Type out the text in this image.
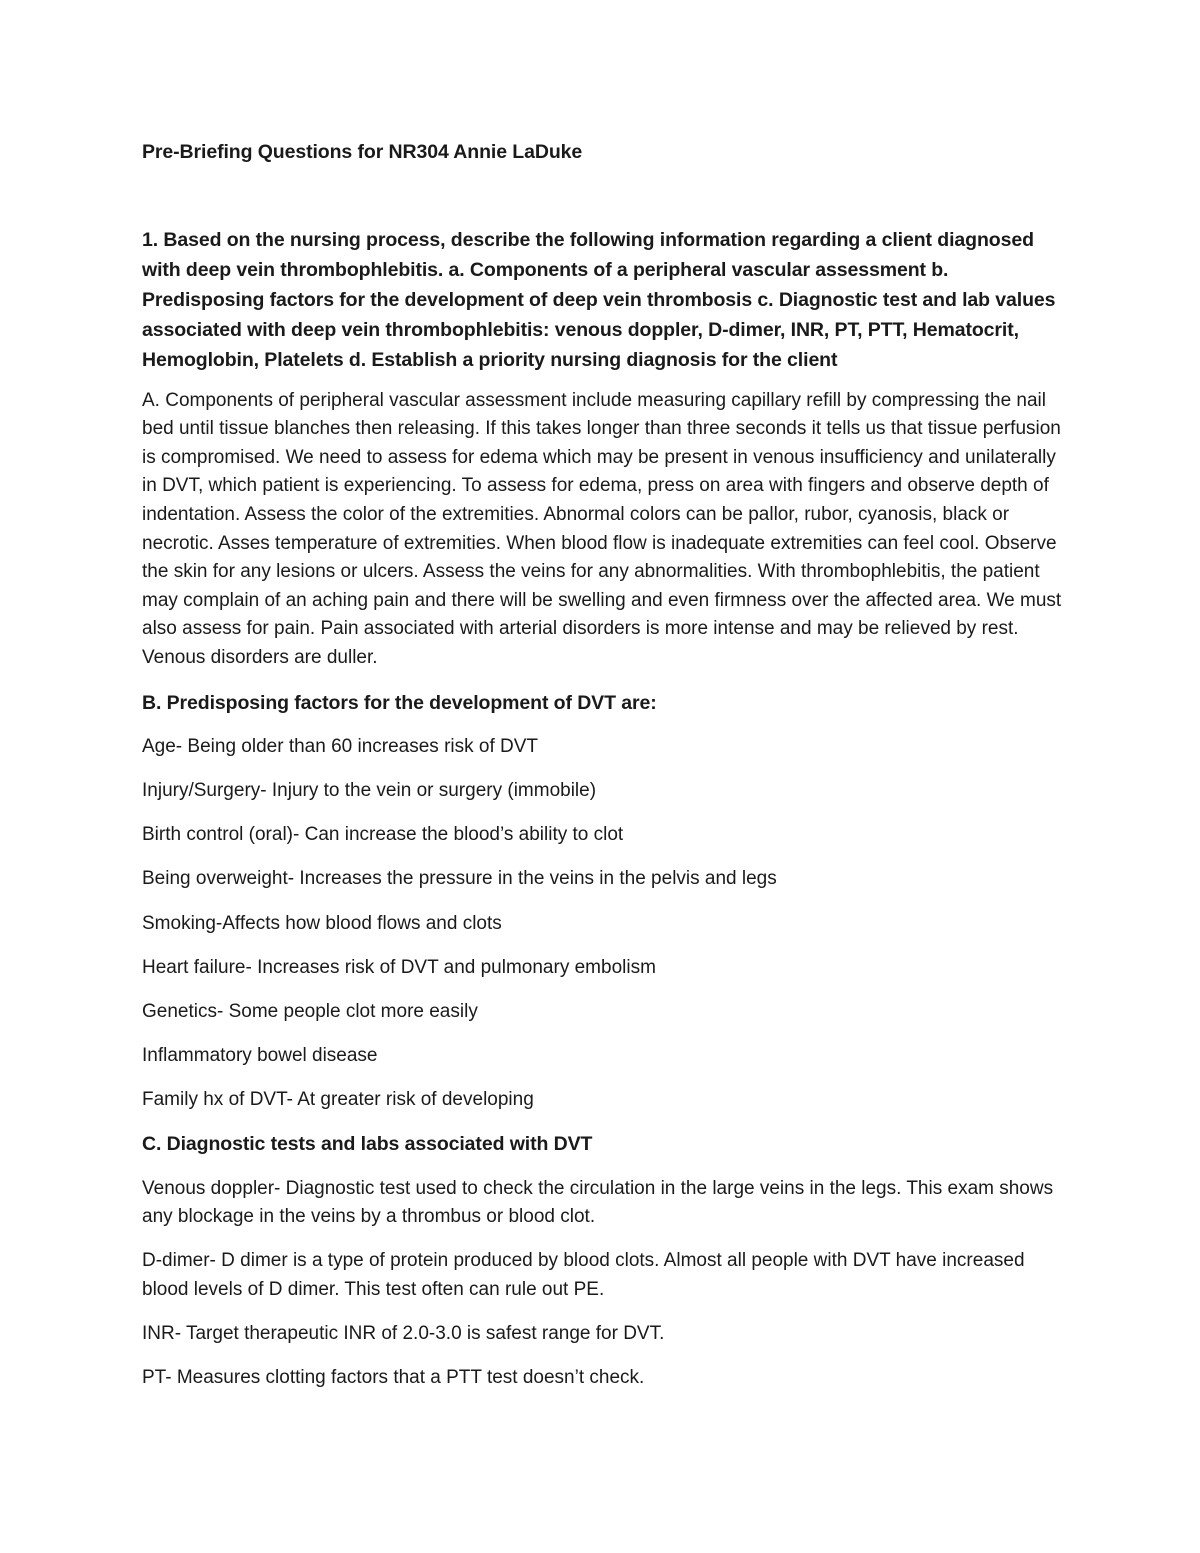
Pre-Briefing Questions for NR304 Annie LaDuke
1. Based on the nursing process, describe the following information regarding a client diagnosed with deep vein thrombophlebitis. a. Components of a peripheral vascular assessment b. Predisposing factors for the development of deep vein thrombosis c. Diagnostic test and lab values associated with deep vein thrombophlebitis: venous doppler, D-dimer, INR, PT, PTT, Hematocrit, Hemoglobin, Platelets d. Establish a priority nursing diagnosis for the client
A. Components of peripheral vascular assessment include measuring capillary refill by compressing the nail bed until tissue blanches then releasing. If this takes longer than three seconds it tells us that tissue perfusion is compromised. We need to assess for edema which may be present in venous insufficiency and unilaterally in DVT, which patient is experiencing. To assess for edema, press on area with fingers and observe depth of indentation. Assess the color of the extremities. Abnormal colors can be pallor, rubor, cyanosis, black or necrotic. Asses temperature of extremities. When blood flow is inadequate extremities can feel cool. Observe the skin for any lesions or ulcers. Assess the veins for any abnormalities. With thrombophlebitis, the patient may complain of an aching pain and there will be swelling and even firmness over the affected area. We must also assess for pain. Pain associated with arterial disorders is more intense and may be relieved by rest. Venous disorders are duller.
B. Predisposing factors for the development of DVT are:
Age- Being older than 60 increases risk of DVT
Injury/Surgery- Injury to the vein or surgery (immobile)
Birth control (oral)- Can increase the blood’s ability to clot
Being overweight- Increases the pressure in the veins in the pelvis and legs
Smoking-Affects how blood flows and clots
Heart failure- Increases risk of DVT and pulmonary embolism
Genetics- Some people clot more easily
Inflammatory bowel disease
Family hx of DVT- At greater risk of developing
C. Diagnostic tests and labs associated with DVT
Venous doppler- Diagnostic test used to check the circulation in the large veins in the legs. This exam shows any blockage in the veins by a thrombus or blood clot.
D-dimer- D dimer is a type of protein produced by blood clots. Almost all people with DVT have increased blood levels of D dimer. This test often can rule out PE.
INR- Target therapeutic INR of 2.0-3.0 is safest range for DVT.
PT- Measures clotting factors that a PTT test doesn’t check.
